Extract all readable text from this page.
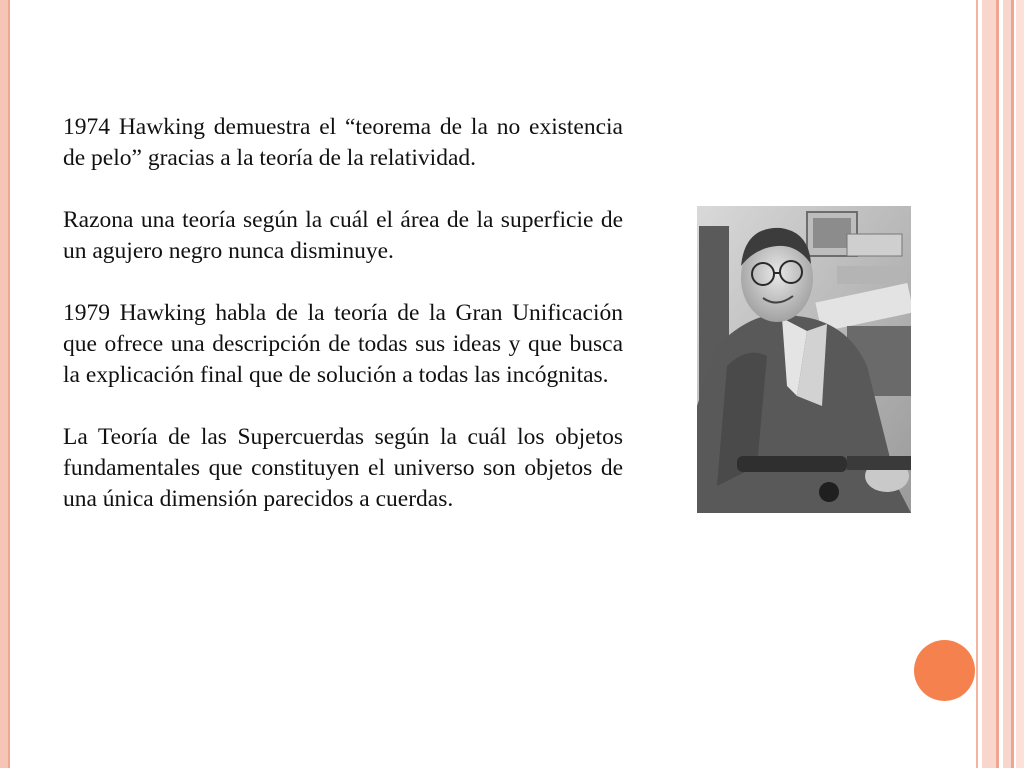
1974 Hawking demuestra el “teorema de la no existencia de pelo” gracias a la teoría de la relatividad.

Razona una teoría según la cuál el área de la superficie de un agujero negro nunca disminuye.

1979 Hawking habla de la teoría de la Gran Unificación que ofrece una descripción de todas sus ideas y que busca la explicación final que de solución a todas las incógnitas.

La Teoría de las Supercuerdas según la cuál los objetos fundamentales que constituyen el universo son objetos de una única dimensión parecidos a cuerdas.
